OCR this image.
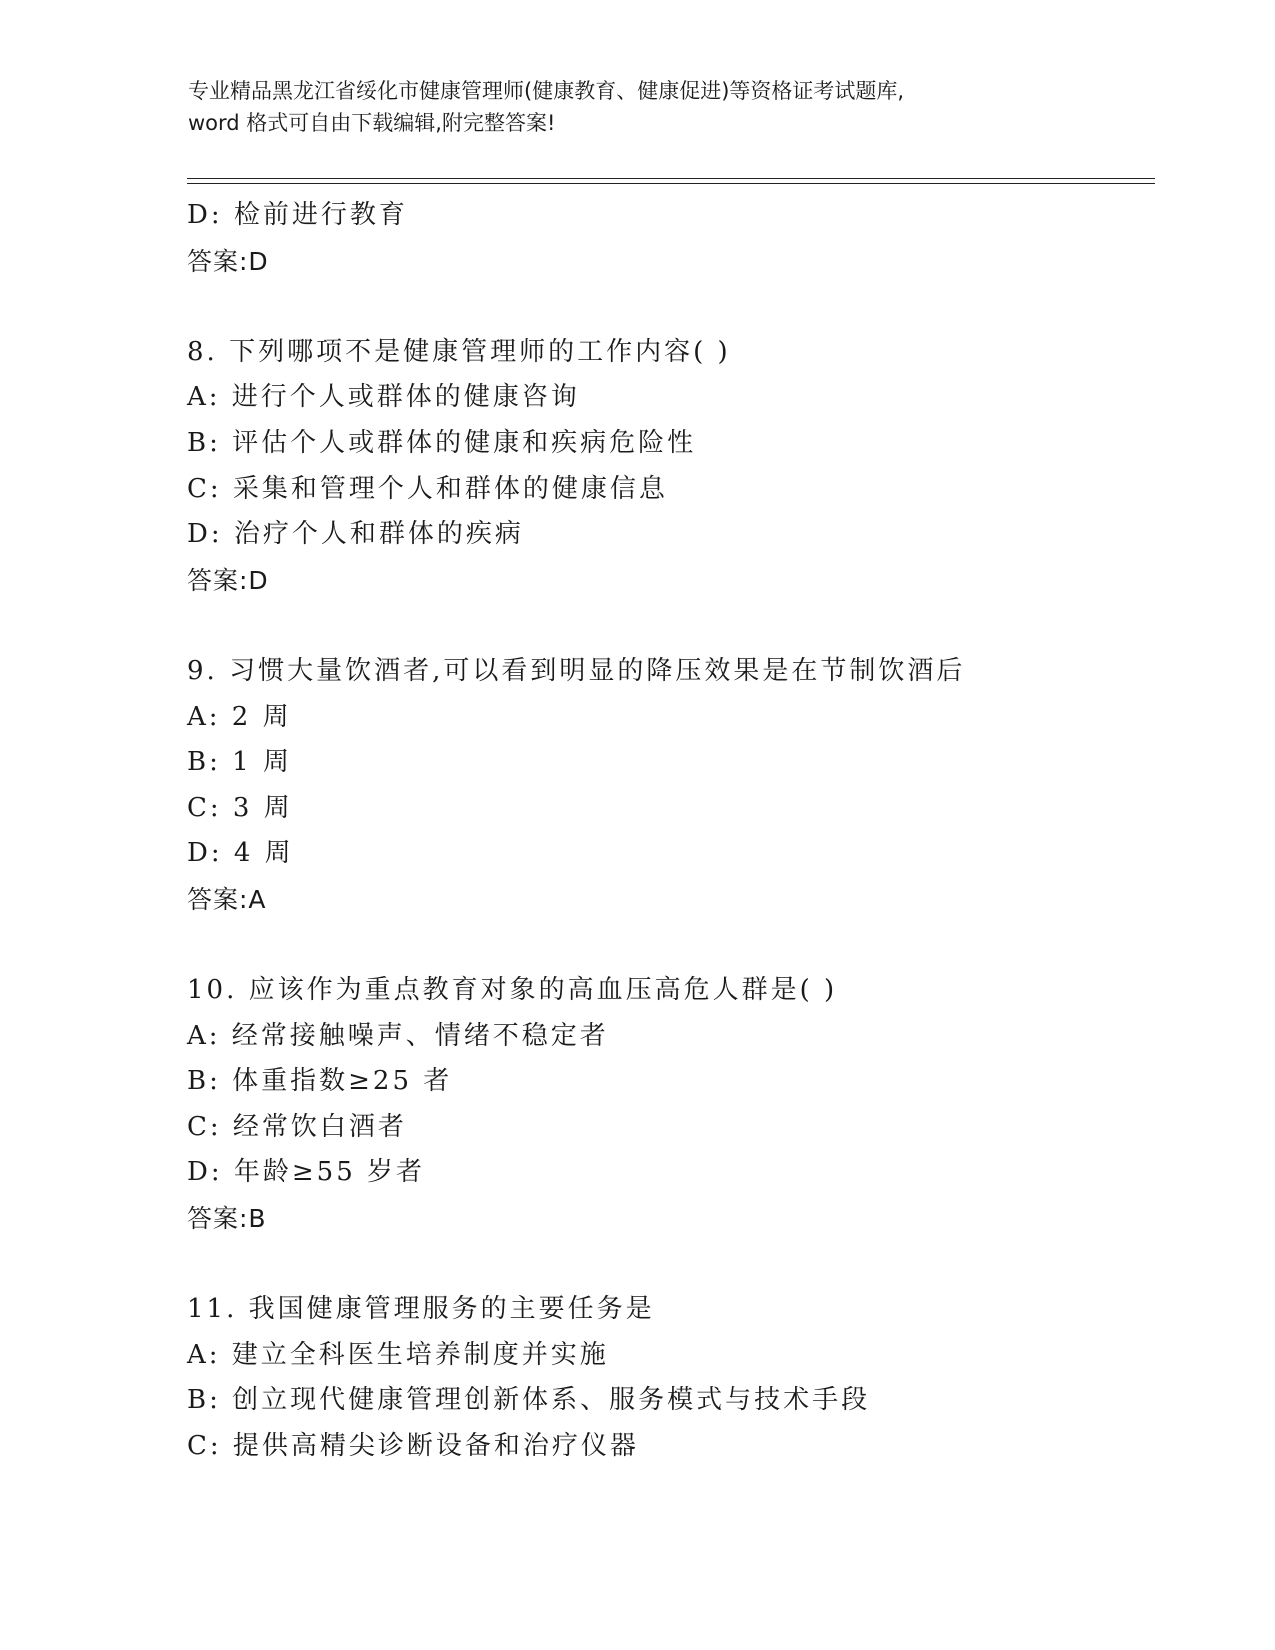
专业精品黑龙江省绥化市健康管理师(健康教育、健康促进)等资格证考试题库,
word 格式可自由下载编辑,附完整答案!
D: 检前进行教育
答案:D
8. 下列哪项不是健康管理师的工作内容( )
A: 进行个人或群体的健康咨询
B: 评估个人或群体的健康和疾病危险性
C: 采集和管理个人和群体的健康信息
D: 治疗个人和群体的疾病
答案:D
9. 习惯大量饮酒者,可以看到明显的降压效果是在节制饮酒后
A: 2 周
B: 1 周
C: 3 周
D: 4 周
答案:A
10. 应该作为重点教育对象的高血压高危人群是( )
A: 经常接触噪声、情绪不稳定者
B: 体重指数≥25 者
C: 经常饮白酒者
D: 年龄≥55 岁者
答案:B
11. 我国健康管理服务的主要任务是
A: 建立全科医生培养制度并实施
B: 创立现代健康管理创新体系、服务模式与技术手段
C: 提供高精尖诊断设备和治疗仪器
